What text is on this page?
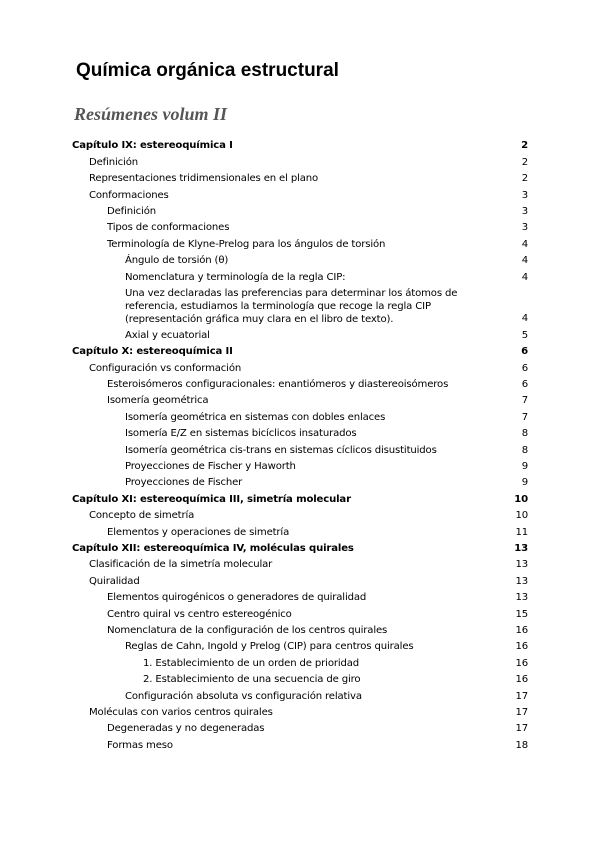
Química orgánica estructural
Resúmenes volum II
Capítulo IX: estereoquímica I	2
Definición	2
Representaciones tridimensionales en el plano	2
Conformaciones	3
Definición	3
Tipos de conformaciones	3
Terminología de Klyne-Prelog para los ángulos de torsión	4
Ángulo de torsión (θ)	4
Nomenclatura y terminología de la regla CIP:	4
Una vez declaradas las preferencias para determinar los átomos de referencia, estudiamos la terminología que recoge la regla CIP (representación gráfica muy clara en el libro de texto).	4
Axial y ecuatorial	5
Capítulo X: estereoquímica II	6
Configuración vs conformación	6
Esteroisómeros configuracionales: enantiómeros y diastereoisómeros	6
Isomería geométrica	7
Isomería geométrica en sistemas con dobles enlaces	7
Isomería E/Z en sistemas bicíclicos insaturados	8
Isomería geométrica cis-trans en sistemas cíclicos disustituidos	8
Proyecciones de Fischer y Haworth	9
Proyecciones de Fischer	9
Capítulo XI: estereoquímica III, simetría molecular	10
Concepto de simetría	10
Elementos y operaciones de simetría	11
Capítulo XII: estereoquímica IV, moléculas quirales	13
Clasificación de la simetría molecular	13
Quiralidad	13
Elementos quirogénicos o generadores de quiralidad	13
Centro quiral vs centro estereogénico	15
Nomenclatura de la configuración de los centros quirales	16
Reglas de Cahn, Ingold y Prelog (CIP) para centros quirales	16
1. Establecimiento de un orden de prioridad	16
2. Establecimiento de una secuencia de giro	16
Configuración absoluta vs configuración relativa	17
Moléculas con varios centros quirales	17
Degeneradas y no degeneradas	17
Formas meso	18
